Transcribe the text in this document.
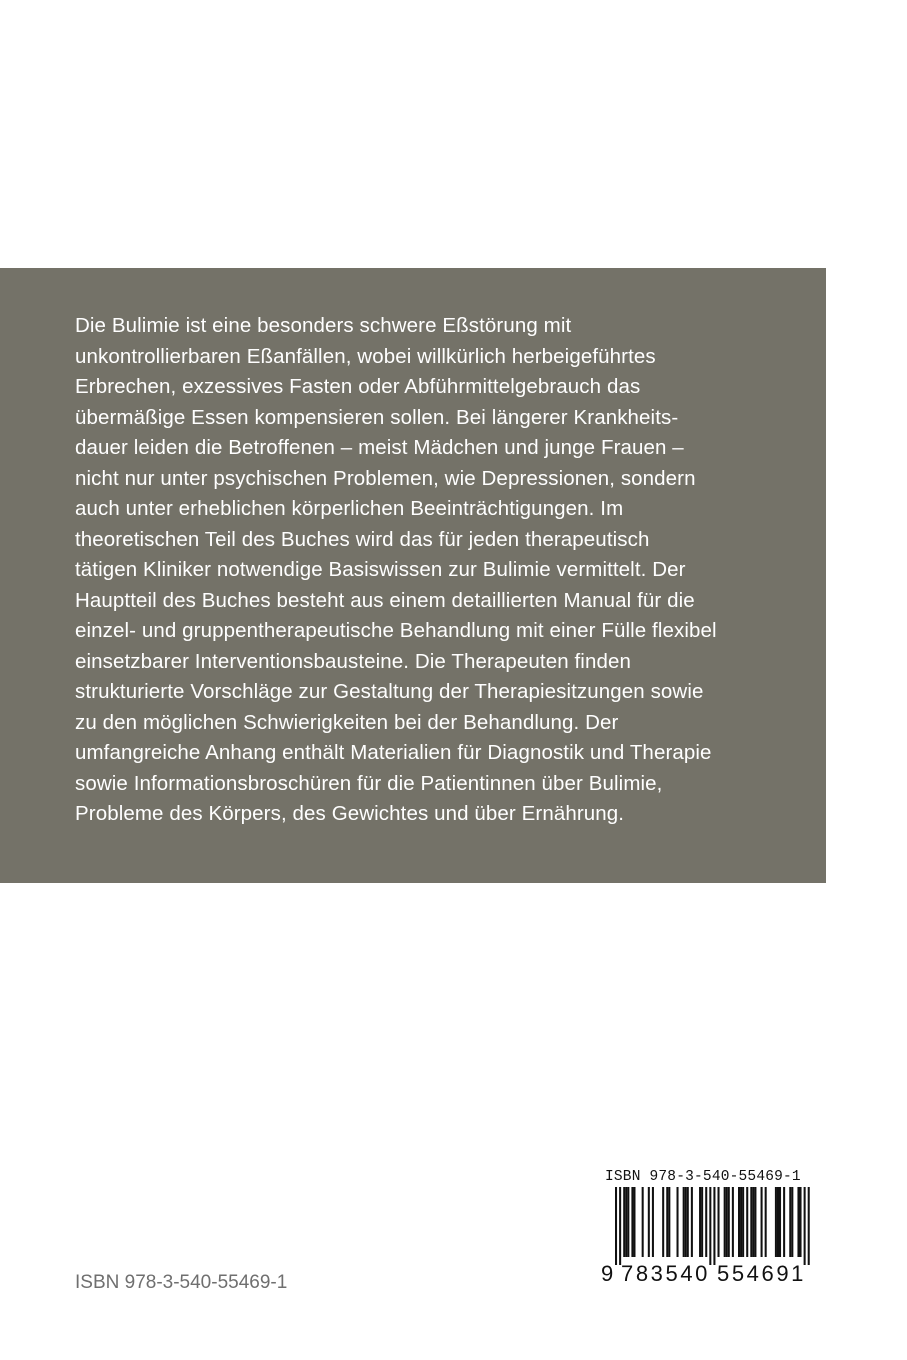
Die Bulimie ist eine besonders schwere Eßstörung mit
unkontrollierbaren Eßanfällen, wobei willkürlich herbeigeführtes
Erbrechen, exzessives Fasten oder Abführmittelgebrauch das
übermäßige Essen kompensieren sollen. Bei längerer Krankheits-
dauer leiden die Betroffenen – meist Mädchen und junge Frauen –
nicht nur unter psychischen Problemen, wie Depressionen, sondern
auch unter erheblichen körperlichen Beeinträchtigungen. Im
theoretischen Teil des Buches wird das für jeden therapeutisch
tätigen Kliniker notwendige Basiswissen zur Bulimie vermittelt. Der
Hauptteil des Buches besteht aus einem detaillierten Manual für die
einzel- und gruppentherapeutische Behandlung mit einer Fülle flexibel
einsetzbarer Interventionsbausteine. Die Therapeuten finden
strukturierte Vorschläge zur Gestaltung der Therapiesitzungen sowie
zu den möglichen Schwierigkeiten bei der Behandlung. Der
umfangreiche Anhang enthält Materialien für Diagnostik und Therapie
sowie Informationsbroschüren für die Patientinnen über Bulimie,
Probleme des Körpers, des Gewichtes und über Ernährung.
ISBN 978-3-540-55469-1
ISBN 978-3-540-55469-1
9 783540 554691
